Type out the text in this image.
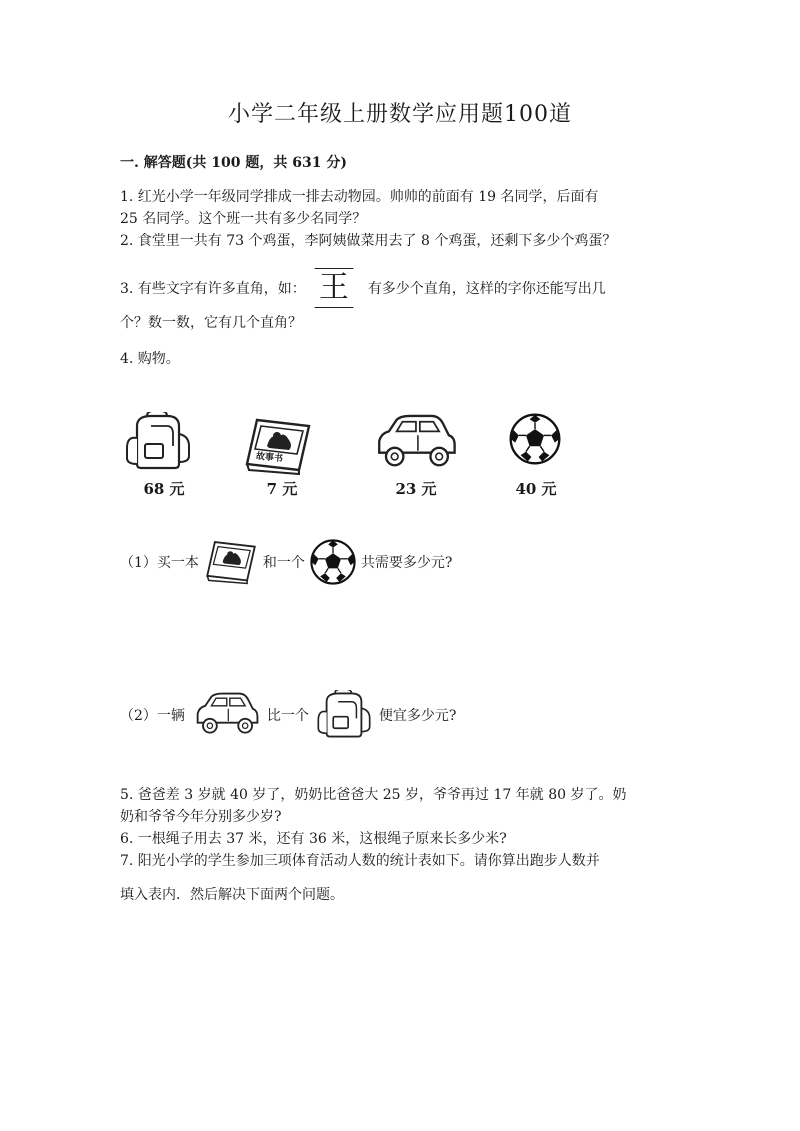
小学二年级上册数学应用题100道
一. 解答题(共 100 题，共 631 分)
1. 红光小学一年级同学排成一排去动物园。帅帅的前面有 19 名同学，后面有
25 名同学。这个班一共有多少名同学？
2. 食堂里一共有 73 个鸡蛋，李阿姨做菜用去了 8 个鸡蛋，还剩下多少个鸡蛋？
3. 有些文字有许多直角，如： 王	有多少个直角，这样的字你还能写出几
个？数一数，它有几个直角？
4. 购物。
68 元
故事书
7 元	23 元	40 元
（1）买一本	和一个	共需要多少元?
（2）一辆	比一个	便宜多少元?
5. 爸爸差 3 岁就 40 岁了，奶奶比爸爸大 25 岁，爷爷再过 17 年就 80 岁了。奶
奶和爷爷今年分别多少岁?
6. 一根绳子用去 37 米，还有 36 米，这根绳子原来长多少米?
7. 阳光小学的学生参加三项体育活动人数的统计表如下。请你算出跑步人数并
填入表内．然后解决下面两个问题。
